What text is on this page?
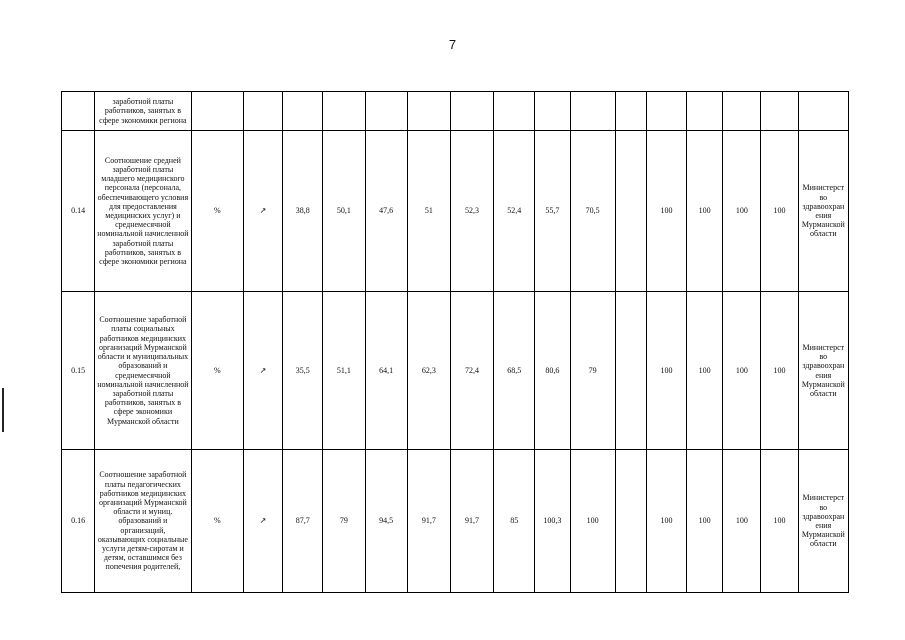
7
	заработной платы работников, занятых в сфере экономики региона																
0.14	Соотношение средней заработной платы младшего медицинского персонала (персонала, обеспечивающего условия для предоставления медицинских услуг) и среднемесячной номинальной начисленной заработной платы работников, занятых в сфере экономики региона	%	↗	38,8	50,1	47,6	51	52,3	52,4	55,7	70,5		100	100	100	100	Министерство здравоохранения Мурманской области
0.15	Соотношение заработной платы социальных работников медицинских организаций Мурманской области и муниципальных образований и среднемесячной номинальной начисленной заработной платы работников, занятых в сфере экономики Мурманской области	%	↗	35,5	51,1	64,1	62,3	72,4	68,5	80,6	79		100	100	100	100	Министерство здравоохранения Мурманской области
0.16	Соотношение заработной платы педагогических работников медицинских организаций Мурманской области и муниц. образований и организаций, оказывающих социальные услуги детям-сиротам и детям, оставшимся без попечения родителей,	%	↗	87,7	79	94,5	91,7	91,7	85	100,3	100		100	100	100	100	Министерство здравоохранения Мурманской области
